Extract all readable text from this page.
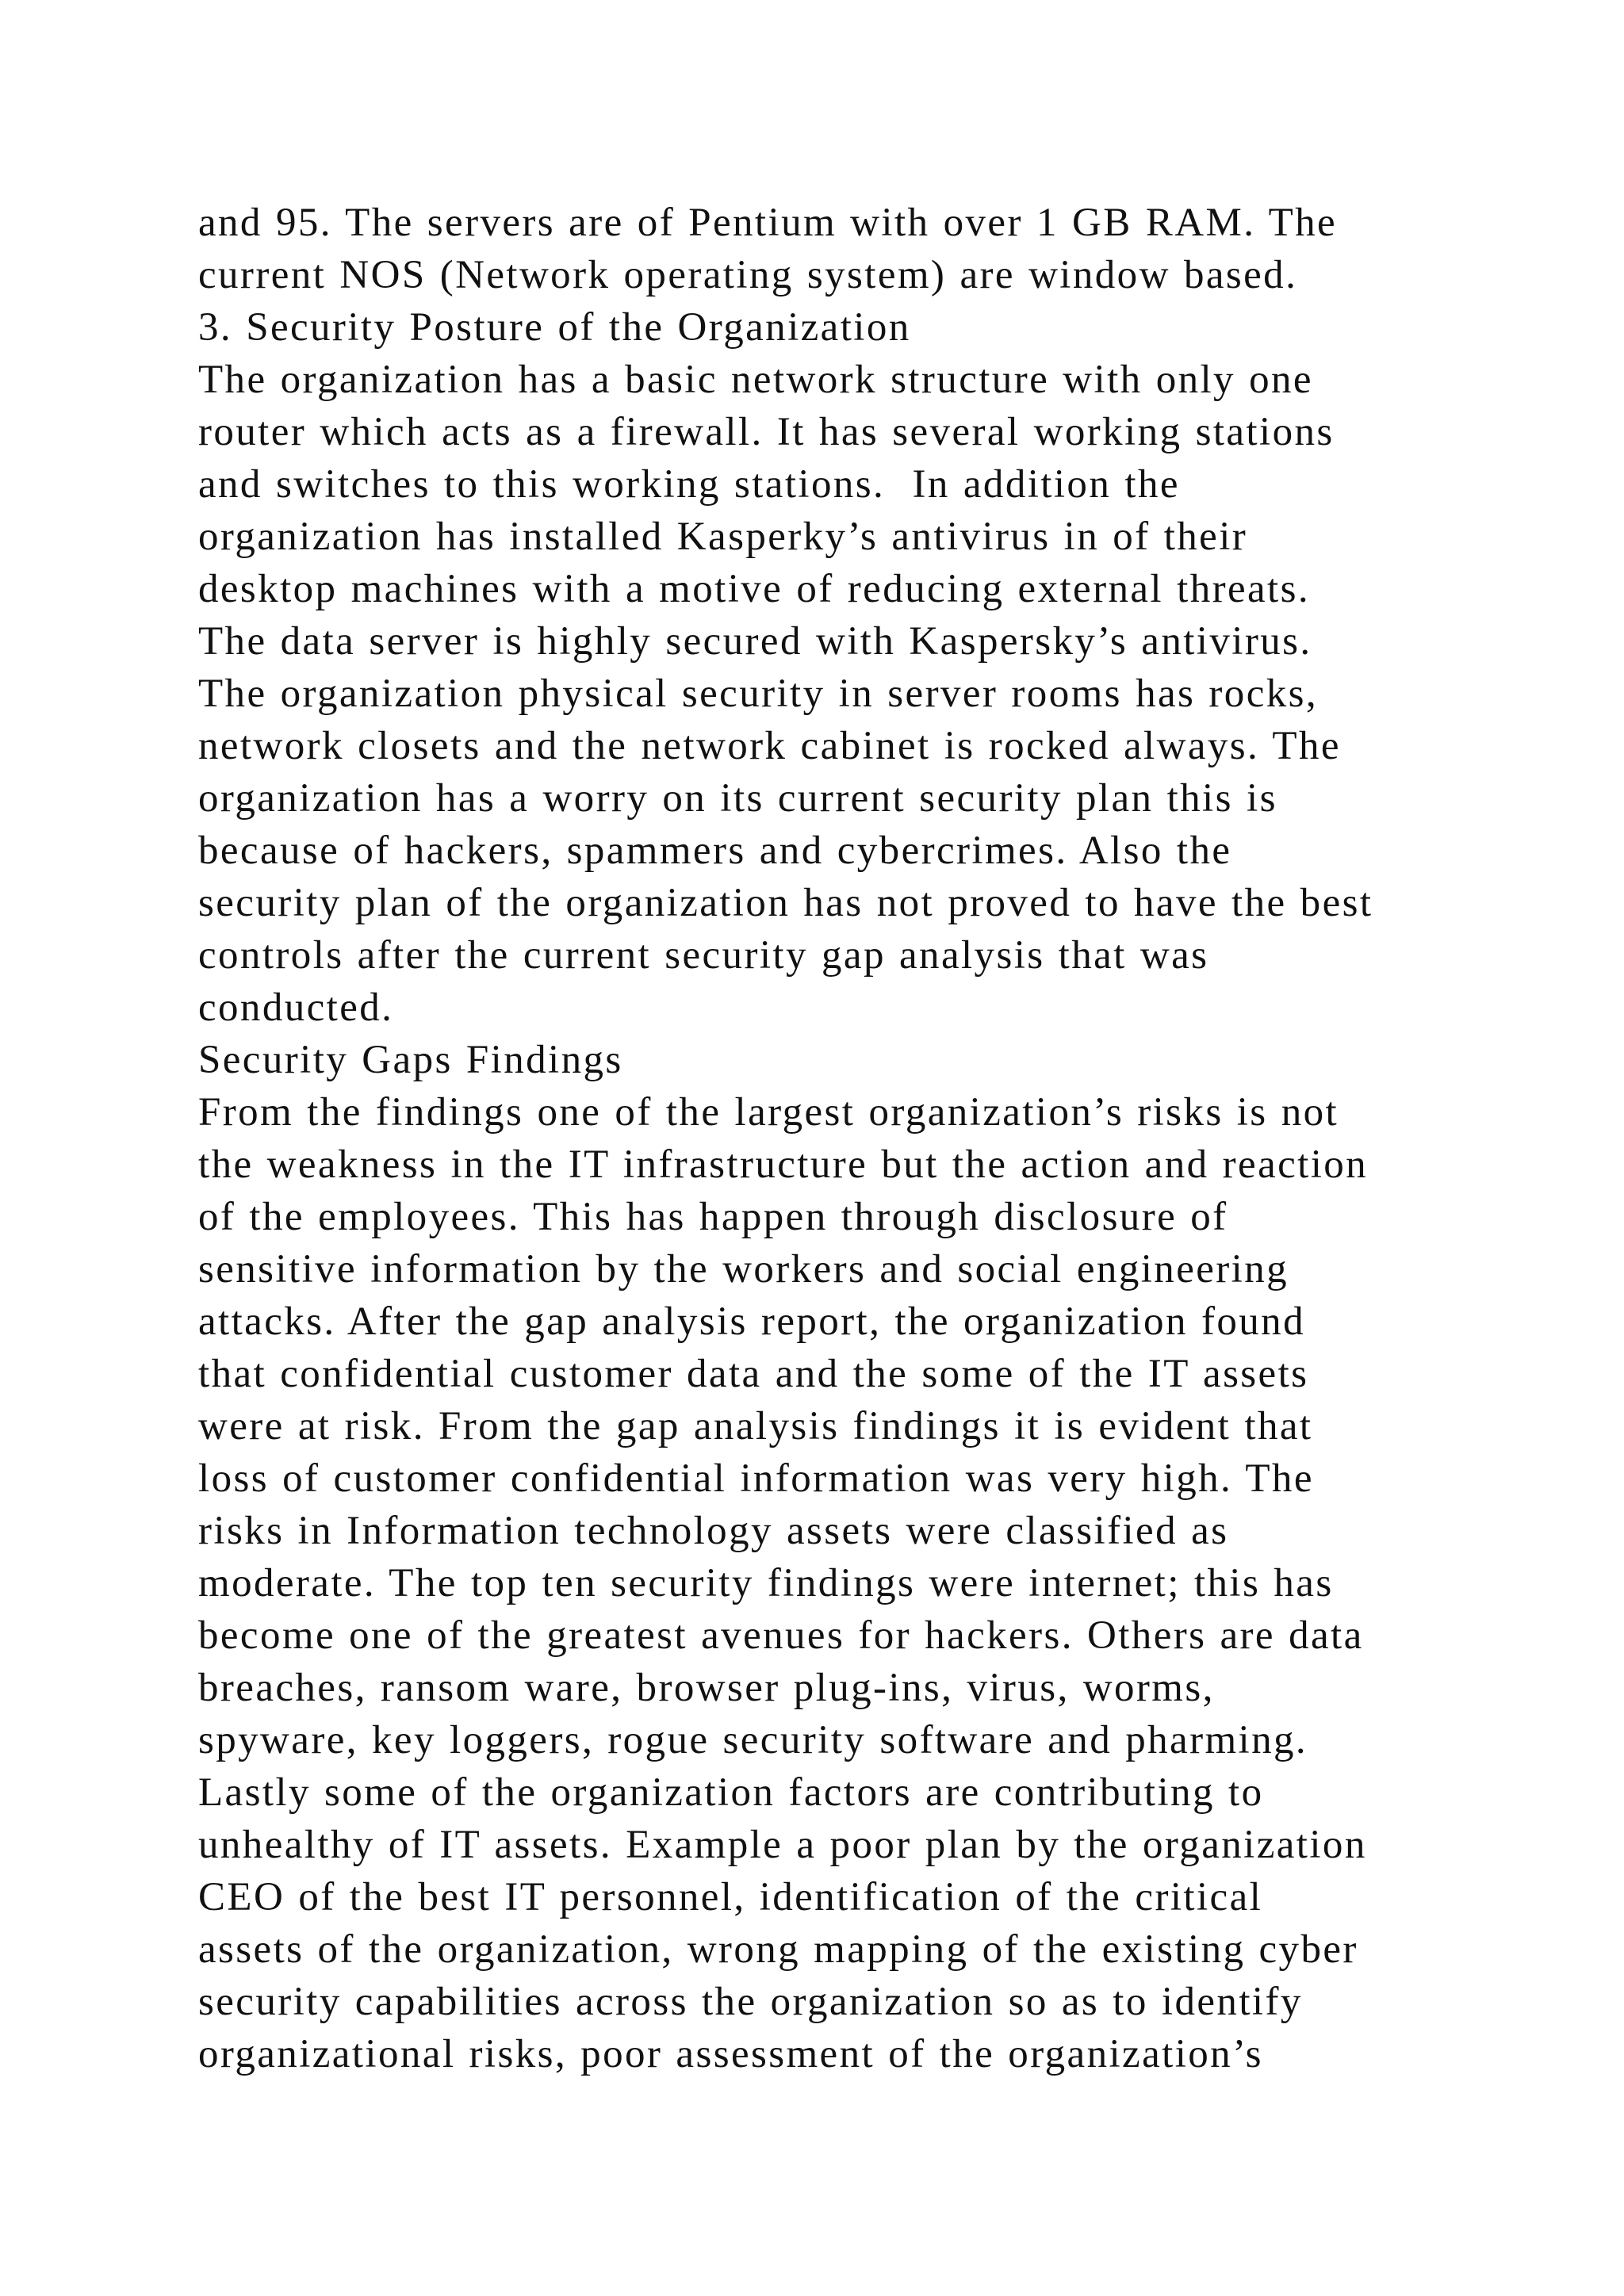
and 95. The servers are of Pentium with over 1 GB RAM. The
current NOS (Network operating system) are window based.
3. Security Posture of the Organization
The organization has a basic network structure with only one
router which acts as a firewall. It has several working stations
and switches to this working stations.  In addition the
organization has installed Kasperky’s antivirus in of their
desktop machines with a motive of reducing external threats.
The data server is highly secured with Kaspersky’s antivirus.
The organization physical security in server rooms has rocks,
network closets and the network cabinet is rocked always. The
organization has a worry on its current security plan this is
because of hackers, spammers and cybercrimes. Also the
security plan of the organization has not proved to have the best
controls after the current security gap analysis that was
conducted.
Security Gaps Findings
From the findings one of the largest organization’s risks is not
the weakness in the IT infrastructure but the action and reaction
of the employees. This has happen through disclosure of
sensitive information by the workers and social engineering
attacks. After the gap analysis report, the organization found
that confidential customer data and the some of the IT assets
were at risk. From the gap analysis findings it is evident that
loss of customer confidential information was very high. The
risks in Information technology assets were classified as
moderate. The top ten security findings were internet; this has
become one of the greatest avenues for hackers. Others are data
breaches, ransom ware, browser plug-ins, virus, worms,
spyware, key loggers, rogue security software and pharming.
Lastly some of the organization factors are contributing to
unhealthy of IT assets. Example a poor plan by the organization
CEO of the best IT personnel, identification of the critical
assets of the organization, wrong mapping of the existing cyber
security capabilities across the organization so as to identify
organizational risks, poor assessment of the organization’s
